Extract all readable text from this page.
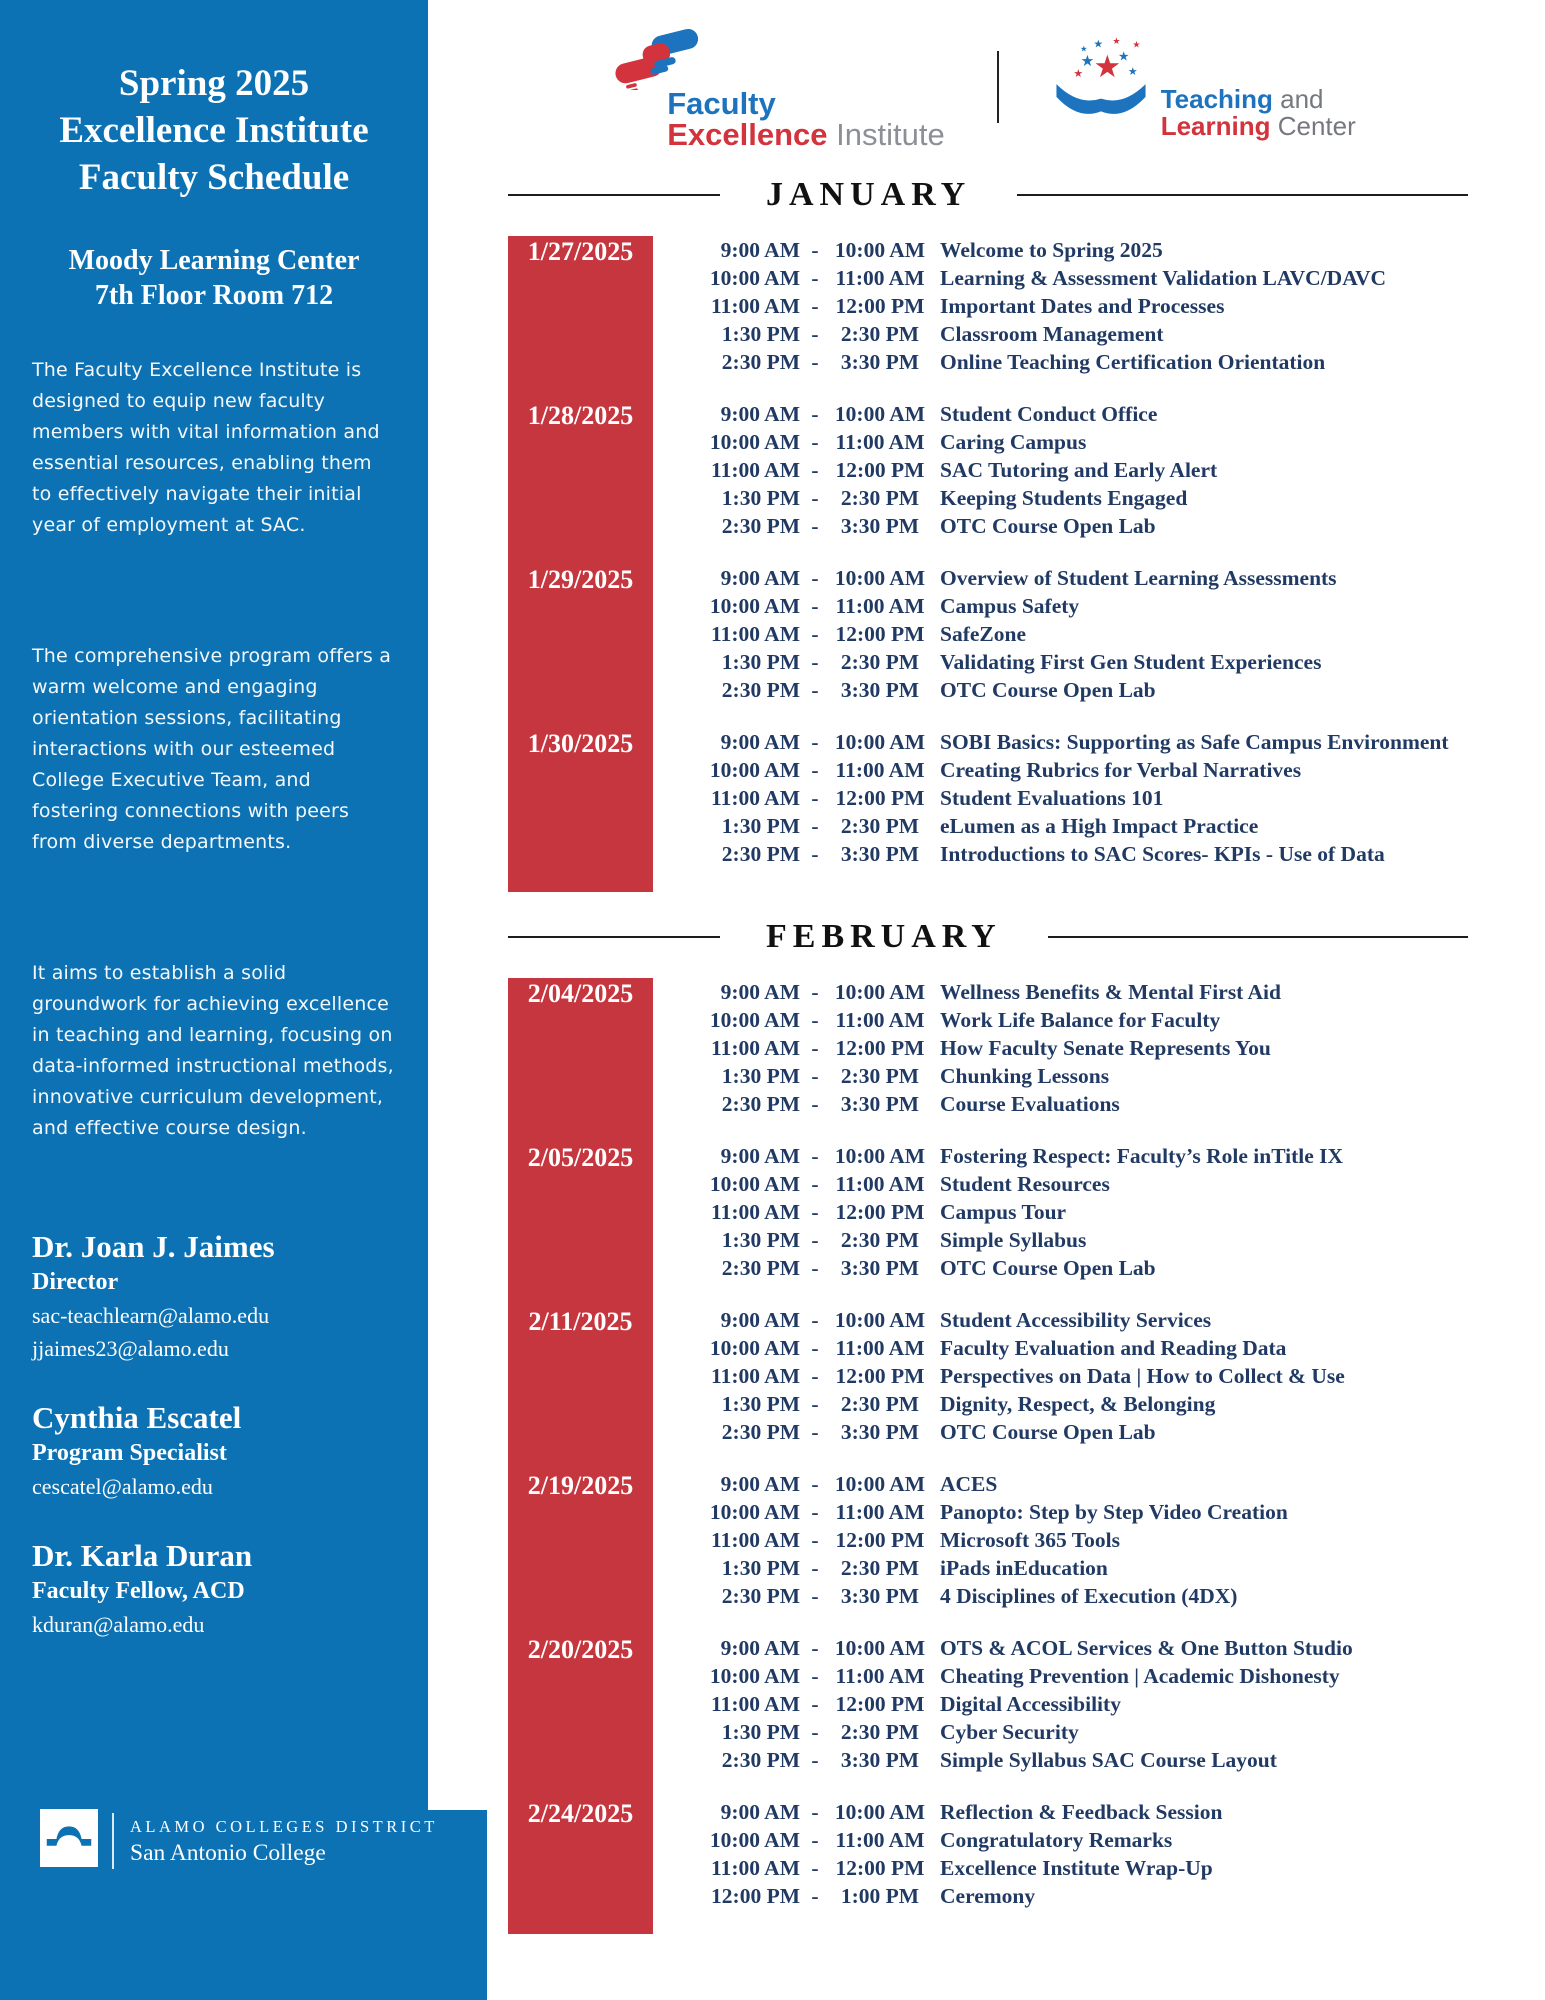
Spring 2025
Excellence Institute
Faculty Schedule
Moody Learning Center
7th Floor Room 712

The Faculty Excellence Institute is designed to equip new faculty members with vital information and essential resources, enabling them to effectively navigate their initial year of employment at SAC.

The comprehensive program offers a warm welcome and engaging orientation sessions, facilitating interactions with our esteemed College Executive Team, and fostering connections with peers from diverse departments.

It aims to establish a solid groundwork for achieving excellence in teaching and learning, focusing on data-informed instructional methods, innovative curriculum development, and effective course design.

Dr. Joan J. Jaimes
Director
sac-teachlearn@alamo.edu
jjaimes23@alamo.edu
Cynthia Escatel
Program Specialist
cescatel@alamo.edu
Dr. Karla Duran
Faculty Fellow, ACD
kduran@alamo.edu
ALAMO COLLEGES DISTRICT
San Antonio College
Faculty
Excellence Institute
★
★ ★
★
★
★
★ ★
★
Teaching and
Learning Center
JANUARY
1/27/2025	9:00 AM - 10:00 AM Welcome to Spring 2025
10:00 AM - 11:00 AM Learning & Assessment Validation LAVC/DAVC
11:00 AM - 12:00 PM Important Dates and Processes
1:30 PM -	2:30 PM Classroom Management
2:30 PM -	3:30 PM Online Teaching Certification Orientation
1/28/2025	9:00 AM - 10:00 AM Student Conduct Office
10:00 AM - 11:00 AM Caring Campus
11:00 AM - 12:00 PM SAC Tutoring and Early Alert
1:30 PM -	2:30 PM Keeping Students Engaged
2:30 PM -	3:30 PM OTC Course Open Lab
1/29/2025	9:00 AM - 10:00 AM Overview of Student Learning Assessments
10:00 AM - 11:00 AM Campus Safety
11:00 AM - 12:00 PM SafeZone
1:30 PM -	2:30 PM Validating First Gen Student Experiences
2:30 PM -	3:30 PM OTC Course Open Lab
1/30/2025	9:00 AM - 10:00 AM SOBI Basics: Supporting as Safe Campus Environment
10:00 AM - 11:00 AM Creating Rubrics for Verbal Narratives
11:00 AM - 12:00 PM Student Evaluations 101
1:30 PM -	2:30 PM eLumen as a High Impact Practice
2:30 PM -	3:30 PM Introductions to SAC Scores- KPIs - Use of Data
FEBRUARY
2/04/2025	9:00 AM - 10:00 AM Wellness Benefits & Mental First Aid
10:00 AM - 11:00 AM Work Life Balance for Faculty
11:00 AM - 12:00 PM How Faculty Senate Represents You
1:30 PM -	2:30 PM Chunking Lessons
2:30 PM -	3:30 PM Course Evaluations
2/05/2025	9:00 AM - 10:00 AM Fostering Respect: Faculty’s Role inTitle IX
10:00 AM - 11:00 AM Student Resources
11:00 AM - 12:00 PM Campus Tour
1:30 PM -	2:30 PM Simple Syllabus
2:30 PM -	3:30 PM OTC Course Open Lab
2/11/2025	9:00 AM - 10:00 AM Student Accessibility Services
10:00 AM - 11:00 AM Faculty Evaluation and Reading Data
11:00 AM - 12:00 PM Perspectives on Data | How to Collect & Use
1:30 PM -	2:30 PM Dignity, Respect, & Belonging
2:30 PM -	3:30 PM OTC Course Open Lab
2/19/2025	9:00 AM - 10:00 AM ACES
10:00 AM - 11:00 AM Panopto: Step by Step Video Creation
11:00 AM - 12:00 PM Microsoft 365 Tools
1:30 PM -	2:30 PM iPads inEducation
2:30 PM -	3:30 PM 4 Disciplines of Execution (4DX)
2/20/2025	9:00 AM - 10:00 AM OTS & ACOL Services & One Button Studio
10:00 AM - 11:00 AM Cheating Prevention | Academic Dishonesty
11:00 AM - 12:00 PM Digital Accessibility
1:30 PM -	2:30 PM Cyber Security
2:30 PM -	3:30 PM Simple Syllabus SAC Course Layout
2/24/2025	9:00 AM - 10:00 AM Reflection & Feedback Session
10:00 AM - 11:00 AM Congratulatory Remarks
11:00 AM - 12:00 PM Excellence Institute Wrap-Up
12:00 PM -	1:00 PM Ceremony
